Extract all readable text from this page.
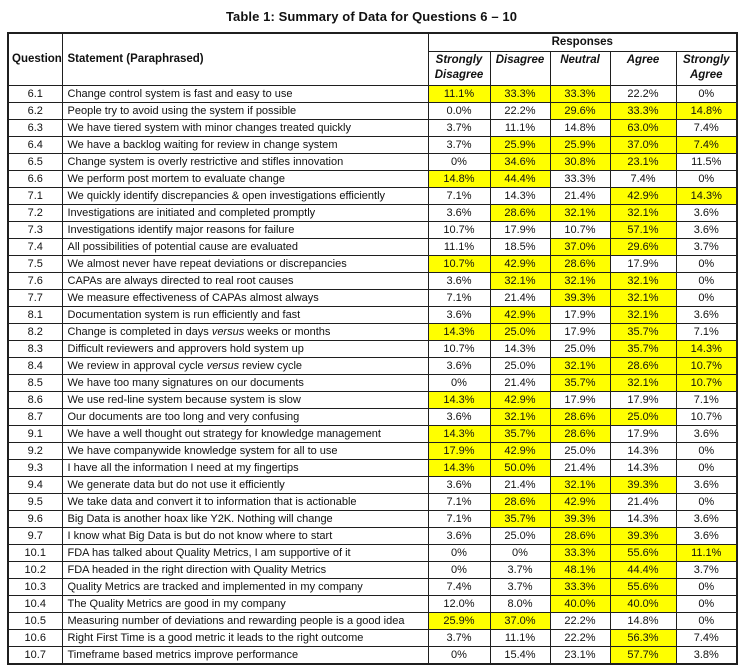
Table 1: Summary of Data for Questions 6 – 10
Question	Statement (Paraphrased)	Responses				
		Strongly Disagree	Disagree	Neutral	Agree	Strongly Agree
6.1	Change control system is fast and easy to use	11.1%	33.3%	33.3%	22.2%	0%
6.2	People try to avoid using the system if possible	0.0%	22.2%	29.6%	33.3%	14.8%
6.3	We have tiered system with minor changes treated quickly	3.7%	11.1%	14.8%	63.0%	7.4%
6.4	We have a backlog waiting for review in change system	3.7%	25.9%	25.9%	37.0%	7.4%
6.5	Change system is overly restrictive and stifles innovation	0%	34.6%	30.8%	23.1%	11.5%
6.6	We perform post mortem to evaluate change	14.8%	44.4%	33.3%	7.4%	0%
7.1	We quickly identify discrepancies & open investigations efficiently	7.1%	14.3%	21.4%	42.9%	14.3%
7.2	Investigations are initiated and completed promptly	3.6%	28.6%	32.1%	32.1%	3.6%
7.3	Investigations identify major reasons for failure	10.7%	17.9%	10.7%	57.1%	3.6%
7.4	All possibilities of potential cause are evaluated	11.1%	18.5%	37.0%	29.6%	3.7%
7.5	We almost never have repeat deviations or discrepancies	10.7%	42.9%	28.6%	17.9%	0%
7.6	CAPAs are always directed to real root causes	3.6%	32.1%	32.1%	32.1%	0%
7.7	We measure effectiveness of CAPAs almost always	7.1%	21.4%	39.3%	32.1%	0%
8.1	Documentation system is run efficiently and fast	3.6%	42.9%	17.9%	32.1%	3.6%
8.2	Change is completed in days versus weeks or months	14.3%	25.0%	17.9%	35.7%	7.1%
8.3	Difficult reviewers and approvers hold system up	10.7%	14.3%	25.0%	35.7%	14.3%
8.4	We review in approval cycle versus review cycle	3.6%	25.0%	32.1%	28.6%	10.7%
8.5	We have too many signatures on our documents	0%	21.4%	35.7%	32.1%	10.7%
8.6	We use red-line system because system is slow	14.3%	42.9%	17.9%	17.9%	7.1%
8.7	Our documents are too long and very confusing	3.6%	32.1%	28.6%	25.0%	10.7%
9.1	We have a well thought out strategy for knowledge management	14.3%	35.7%	28.6%	17.9%	3.6%
9.2	We have companywide knowledge system for all to use	17.9%	42.9%	25.0%	14.3%	0%
9.3	I have all the information I need at my fingertips	14.3%	50.0%	21.4%	14.3%	0%
9.4	We generate data but do not use it efficiently	3.6%	21.4%	32.1%	39.3%	3.6%
9.5	We take data and convert it to information that is actionable	7.1%	28.6%	42.9%	21.4%	0%
9.6	Big Data is another hoax like Y2K. Nothing will change	7.1%	35.7%	39.3%	14.3%	3.6%
9.7	I know what Big Data is but do not know where to start	3.6%	25.0%	28.6%	39.3%	3.6%
10.1	FDA has talked about Quality Metrics, I am supportive of it	0%	0%	33.3%	55.6%	11.1%
10.2	FDA headed in the right direction with Quality Metrics	0%	3.7%	48.1%	44.4%	3.7%
10.3	Quality Metrics are tracked and implemented in my company	7.4%	3.7%	33.3%	55.6%	0%
10.4	The Quality Metrics are good in my company	12.0%	8.0%	40.0%	40.0%	0%
10.5	Measuring number of deviations and rewarding people is a good idea	25.9%	37.0%	22.2%	14.8%	0%
10.6	Right First Time is a good metric it leads to the right outcome	3.7%	11.1%	22.2%	56.3%	7.4%
10.7	Timeframe based metrics improve performance	0%	15.4%	23.1%	57.7%	3.8%
